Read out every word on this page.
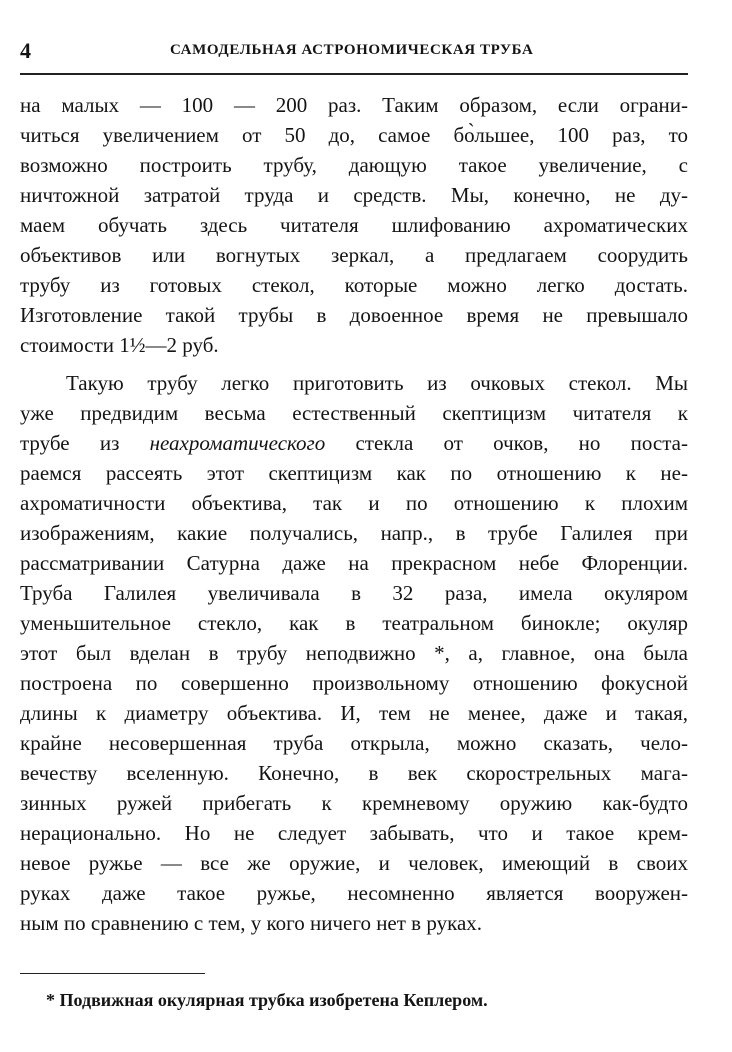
4	САМОДЕЛЬНАЯ АСТРОНОМИЧЕСКАЯ ТРУБА
на малых — 100 — 200 раз. Таким образом, если ограни-
читься увеличением от 50 до, самое бо̀льшее, 100 раз, то
возможно построить трубу, дающую такое увеличение, с
ничтожной затратой труда и средств. Мы, конечно, не ду-
маем обучать здесь читателя шлифованию ахроматических
объективов или вогнутых зеркал, а предлагаем соорудить
трубу из готовых стекол, которые можно легко достать.
Изготовление такой трубы в довоенное время не превышало
стоимости 1½—2 руб.
Такую трубу легко приготовить из очковых стекол. Мы
уже предвидим весьма естественный скептицизм читателя к
трубе из неахроматического стекла от очков, но поста-
раемся рассеять этот скептицизм как по отношению к не-
ахроматичности объектива, так и по отношению к плохим
изображениям, какие получались, напр., в трубе Галилея при
рассматривании Сатурна даже на прекрасном небе Флоренции.
Труба Галилея увеличивала в 32 раза, имела окуляром
уменьшительное стекло, как в театральном бинокле; окуляр
этот был вделан в трубу неподвижно *, а, главное, она была
построена по совершенно произвольному отношению фокусной
длины к диаметру объектива. И, тем не менее, даже и такая,
крайне несовершенная труба открыла, можно сказать, чело-
вечеству вселенную. Конечно, в век скорострельных мага-
зинных ружей прибегать к кремневому оружию как-будто
нерационально. Но не следует забывать, что и такое крем-
невое ружье — все же оружие, и человек, имеющий в своих
руках даже такое ружье, несомненно является вооружен-
ным по сравнению с тем, у кого ничего нет в руках.
* Подвижная окулярная трубка изобретена Кеплером.
